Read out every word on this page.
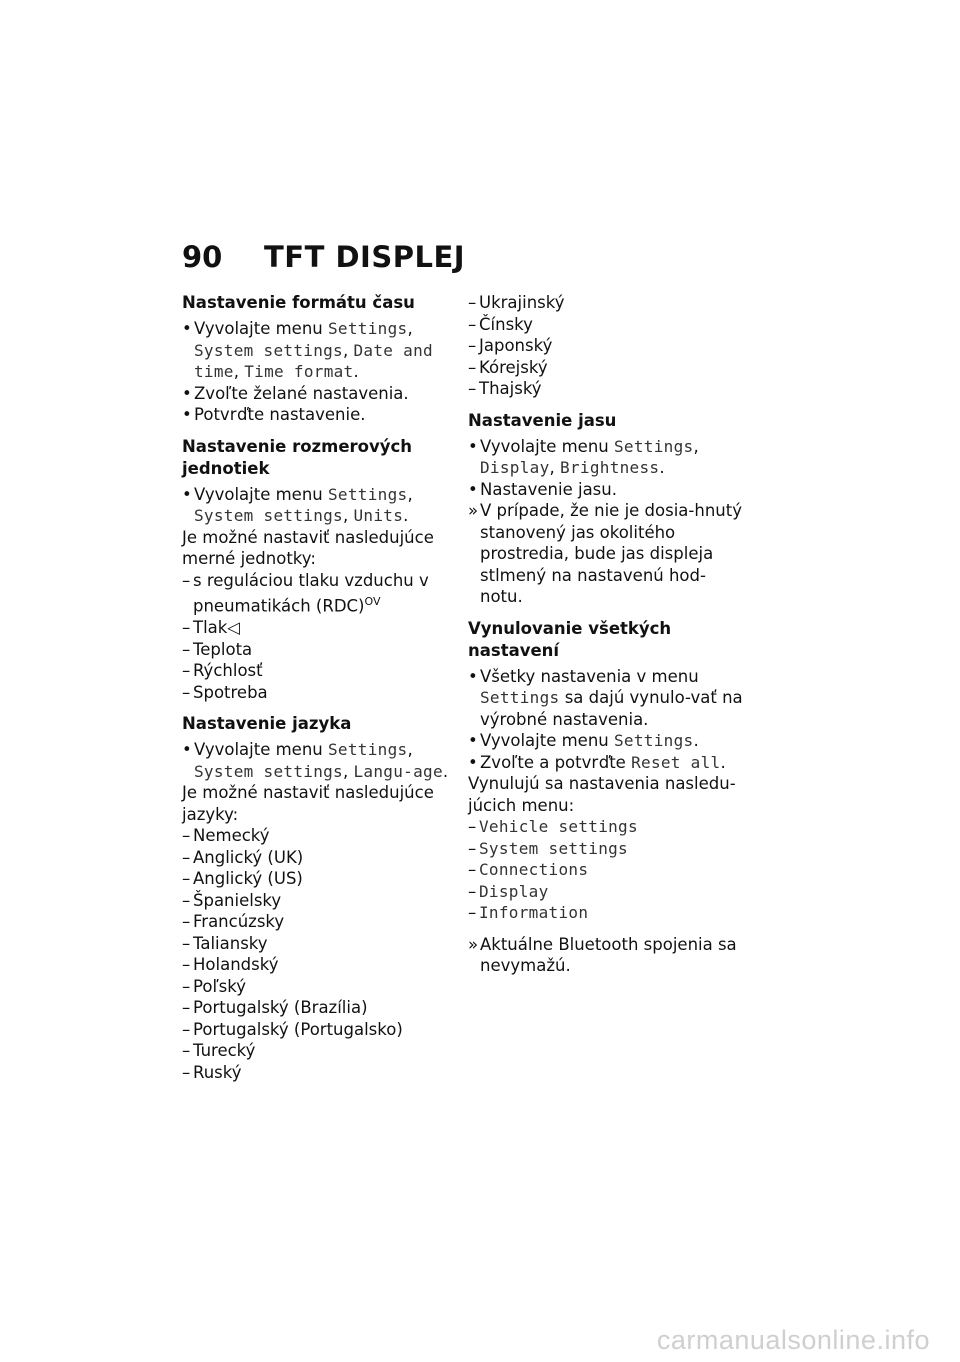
90 TFT DISPLEJ
Nastavenie formátu času
• Vyvolajte menu Settings, System settings, Date and time, Time format.
• Zvoľte želané nastavenia.
• Potvrďte nastavenie.
Nastavenie rozmerových jednotiek
• Vyvolajte menu Settings, System settings, Units.

Je možné nastaviť nasledujúce merné jednotky:

– s reguláciou tlaku vzduchu v pneumatikách (RDC)$^{OV}$
– Tlak◁
– Teplota
– Rýchlosť
– Spotreba
Nastavenie jazyka
• Vyvolajte menu Settings, System settings, Langu-age.

Je možné nastaviť nasledujúce jazyky:

– Nemecký
– Anglický (UK)
– Anglický (US)
– Španielsky
– Francúzsky
– Taliansky
– Holandský
– Poľský
– Portugalský (Brazília)
– Portugalský (Portugalsko)
– Turecký
– Ruský
– Ukrajinský
– Čínsky
– Japonský
– Kórejský
– Thajský
Nastavenie jasu
• Vyvolajte menu Settings, Display, Brightness.
• Nastavenie jasu.
» V prípade, že nie je dosia-hnutý stanovený jas okolitého prostredia, bude jas displeja stlmený na nastavenú hod-notu.
Vynulovanie všetkých nastavení
• Všetky nastavenia v menu Settings sa dajú vynulo-vať na výrobné nastavenia.
• Vyvolajte menu Settings.
• Zvoľte a potvrďte Reset all.

Vynulujú sa nastavenia nasledu-júcich menu:

– Vehicle settings
– System settings
– Connections
– Display
– Information
» Aktuálne Bluetooth spojenia sa nevymažú.
carmanualsonline.info
